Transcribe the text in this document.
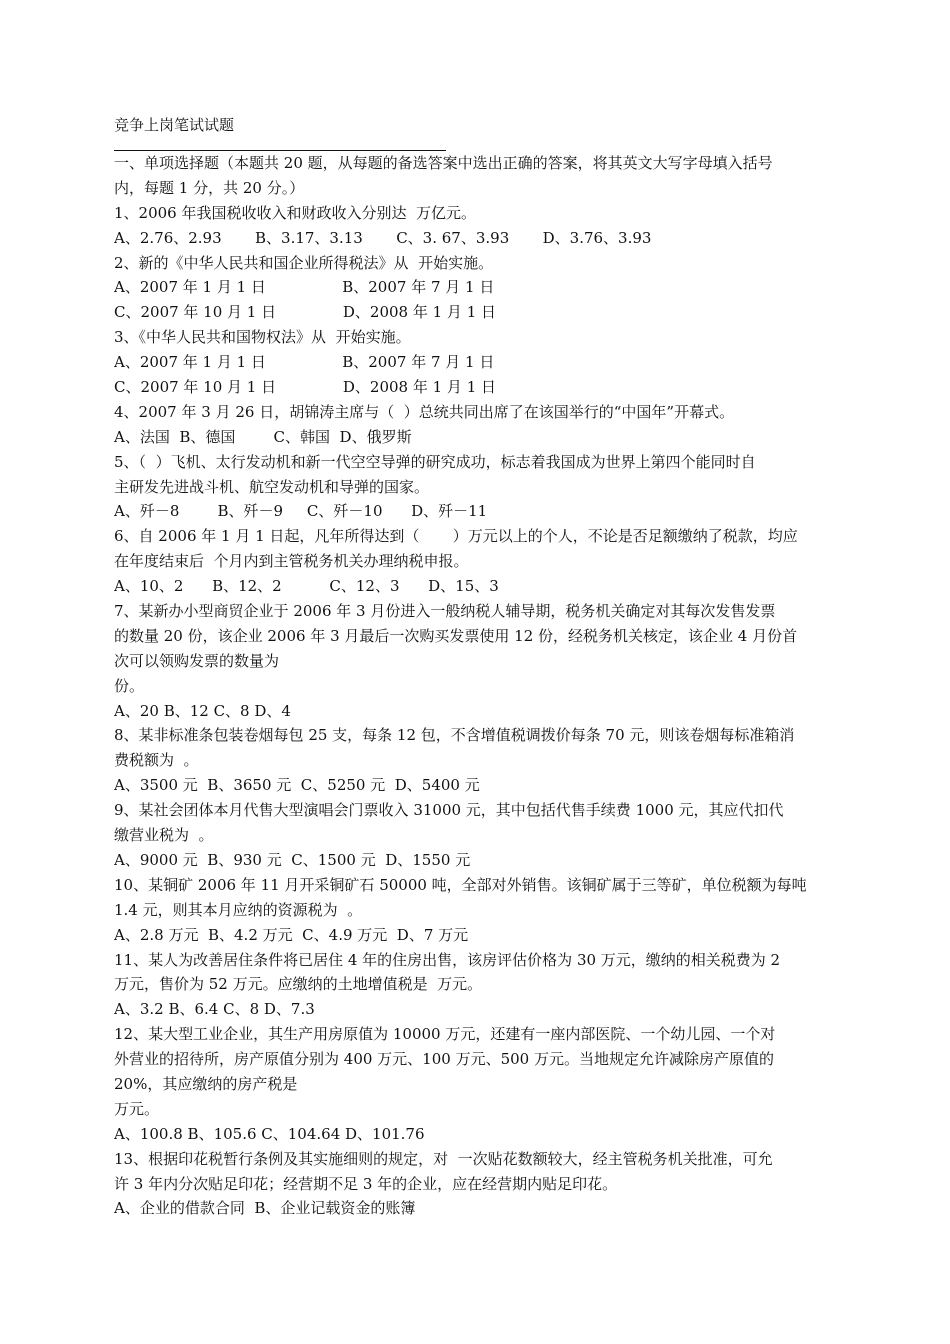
竞争上岗笔试试题
一、单项选择题（本题共 20 题，从每题的备选答案中选出正确的答案，将其英文大写字母填入括号
内，每题 1 分，共 20 分。）
1、2006 年我国税收收入和财政收入分别达  万亿元。
A、2.76、2.93       B、3.17、3.13       C、3. 67、3.93       D、3.76、3.93
2、新的《中华人民共和国企业所得税法》从  开始实施。
A、2007 年 1 月 1 日                B、2007 年 7 月 1 日
C、2007 年 10 月 1 日              D、2008 年 1 月 1 日
3、《中华人民共和国物权法》从  开始实施。
A、2007 年 1 月 1 日                B、2007 年 7 月 1 日
C、2007 年 10 月 1 日              D、2008 年 1 月 1 日
4、2007 年 3 月 26 日，胡锦涛主席与（  ）总统共同出席了在该国举行的“中国年”开幕式。
A、法国  B、德国        C、韩国  D、俄罗斯
5、（  ）飞机、太行发动机和新一代空空导弹的研究成功，标志着我国成为世界上第四个能同时自
主研发先进战斗机、航空发动机和导弹的国家。
A、歼－8        B、歼－9     C、歼－10      D、歼－11
6、自 2006 年 1 月 1 日起，凡年所得达到（       ）万元以上的个人，不论是否足额缴纳了税款，均应
在年度结束后  个月内到主管税务机关办理纳税申报。
A、10、2      B、12、2          C、12、3      D、15、3
7、某新办小型商贸企业于 2006 年 3 月份进入一般纳税人辅导期，税务机关确定对其每次发售发票
的数量 20 份，该企业 2006 年 3 月最后一次购买发票使用 12 份，经税务机关核定，该企业 4 月份首
次可以领购发票的数量为
份。
A、20 B、12 C、8 D、4
8、某非标准条包装卷烟每包 25 支，每条 12 包，不含增值税调拨价每条 70 元，则该卷烟每标准箱消
费税额为  。
A、3500 元  B、3650 元  C、5250 元  D、5400 元
9、某社会团体本月代售大型演唱会门票收入 31000 元，其中包括代售手续费 1000 元，其应代扣代
缴营业税为  。
A、9000 元  B、930 元  C、1500 元  D、1550 元
10、某铜矿 2006 年 11 月开采铜矿石 50000 吨，全部对外销售。该铜矿属于三等矿，单位税额为每吨
1.4 元，则其本月应纳的资源税为  。
A、2.8 万元  B、4.2 万元  C、4.9 万元  D、7 万元
11、某人为改善居住条件将已居住 4 年的住房出售，该房评估价格为 30 万元，缴纳的相关税费为 2
万元，售价为 52 万元。应缴纳的土地增值税是  万元。
A、3.2 B、6.4 C、8 D、7.3
12、某大型工业企业，其生产用房原值为 10000 万元，还建有一座内部医院、一个幼儿园、一个对
外营业的招待所，房产原值分别为 400 万元、100 万元、500 万元。当地规定允许减除房产原值的
20%，其应缴纳的房产税是
万元。
A、100.8 B、105.6 C、104.64 D、101.76
13、根据印花税暂行条例及其实施细则的规定，对  一次贴花数额较大，经主管税务机关批准，可允
许 3 年内分次贴足印花；经营期不足 3 年的企业，应在经营期内贴足印花。
A、企业的借款合同  B、企业记载资金的账簿
